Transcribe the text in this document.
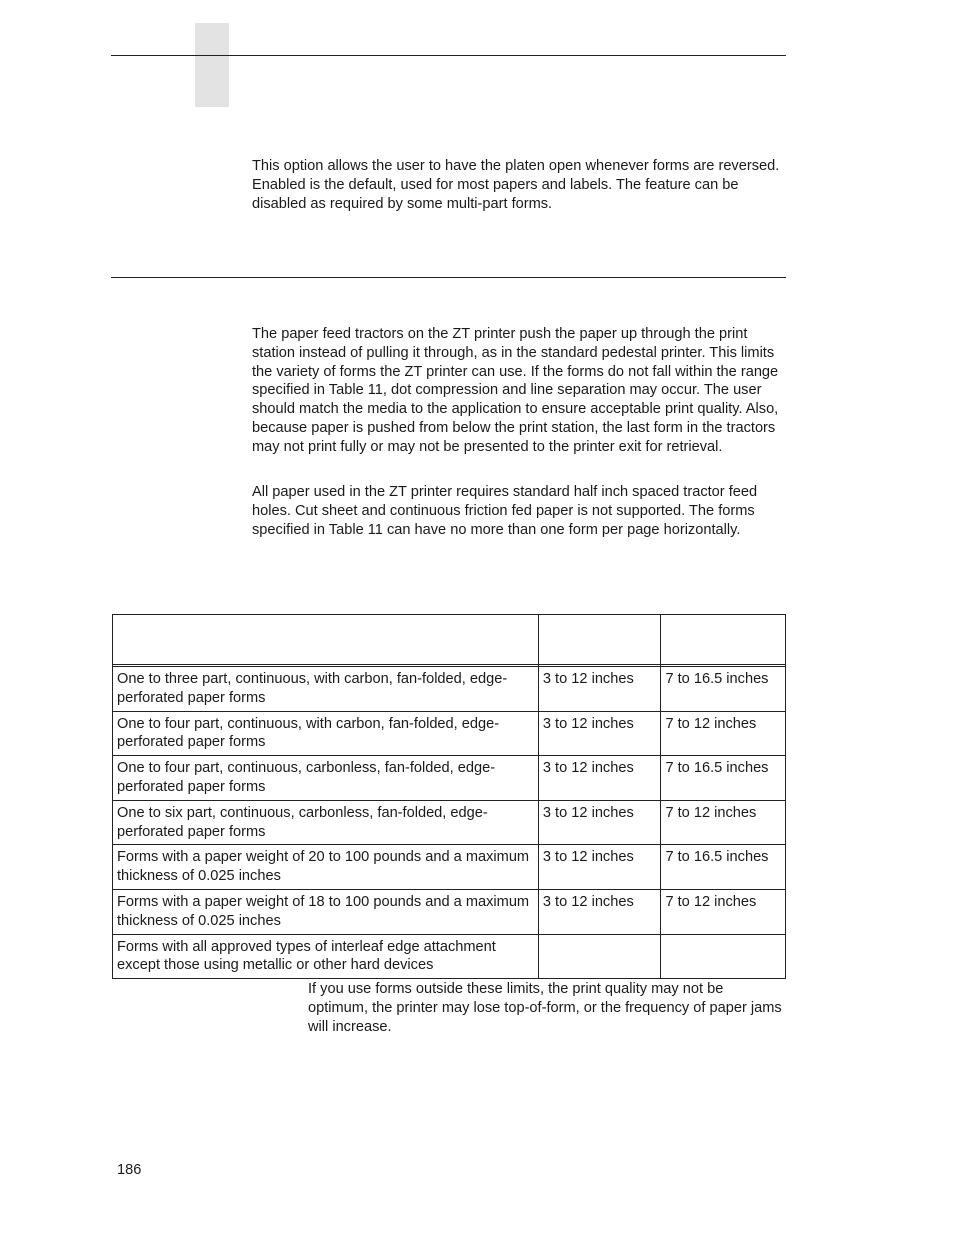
This option allows the user to have the platen open whenever forms are reversed. Enabled is the default, used for most papers and labels. The feature can be disabled as required by some multi-part forms.

The paper feed tractors on the ZT printer push the paper up through the print station instead of pulling it through, as in the standard pedestal printer. This limits the variety of forms the ZT printer can use. If the forms do not fall within the range specified in Table 11, dot compression and line separation may occur. The user should match the media to the application to ensure acceptable print quality. Also, because paper is pushed from below the print station, the last form in the tractors may not print fully or may not be presented to the printer exit for retrieval.

All paper used in the ZT printer requires standard half inch spaced tractor feed holes. Cut sheet and continuous friction fed paper is not supported. The forms specified in Table 11 can have no more than one form per page horizontally.

One to three part, continuous, with carbon, fan-folded, edge-perforated paper forms	3 to 12 inches	7 to 16.5 inches
One to four part, continuous, with carbon, fan-folded, edge-perforated paper forms	3 to 12 inches	7 to 12 inches
One to four part, continuous, carbonless, fan-folded, edge-perforated paper forms	3 to 12 inches	7 to 16.5 inches
One to six part, continuous, carbonless, fan-folded, edge-perforated paper forms	3 to 12 inches	7 to 12 inches
Forms with a paper weight of 20 to 100 pounds and a maximum thickness of 0.025 inches	3 to 12 inches	7 to 16.5 inches
Forms with a paper weight of 18 to 100 pounds and a maximum thickness of 0.025 inches	3 to 12 inches	7 to 12 inches
Forms with all approved types of interleaf edge attachment except those using metallic or other hard devices		

If you use forms outside these limits, the print quality may not be optimum, the printer may lose top-of-form, or the frequency of paper jams will increase.

186
